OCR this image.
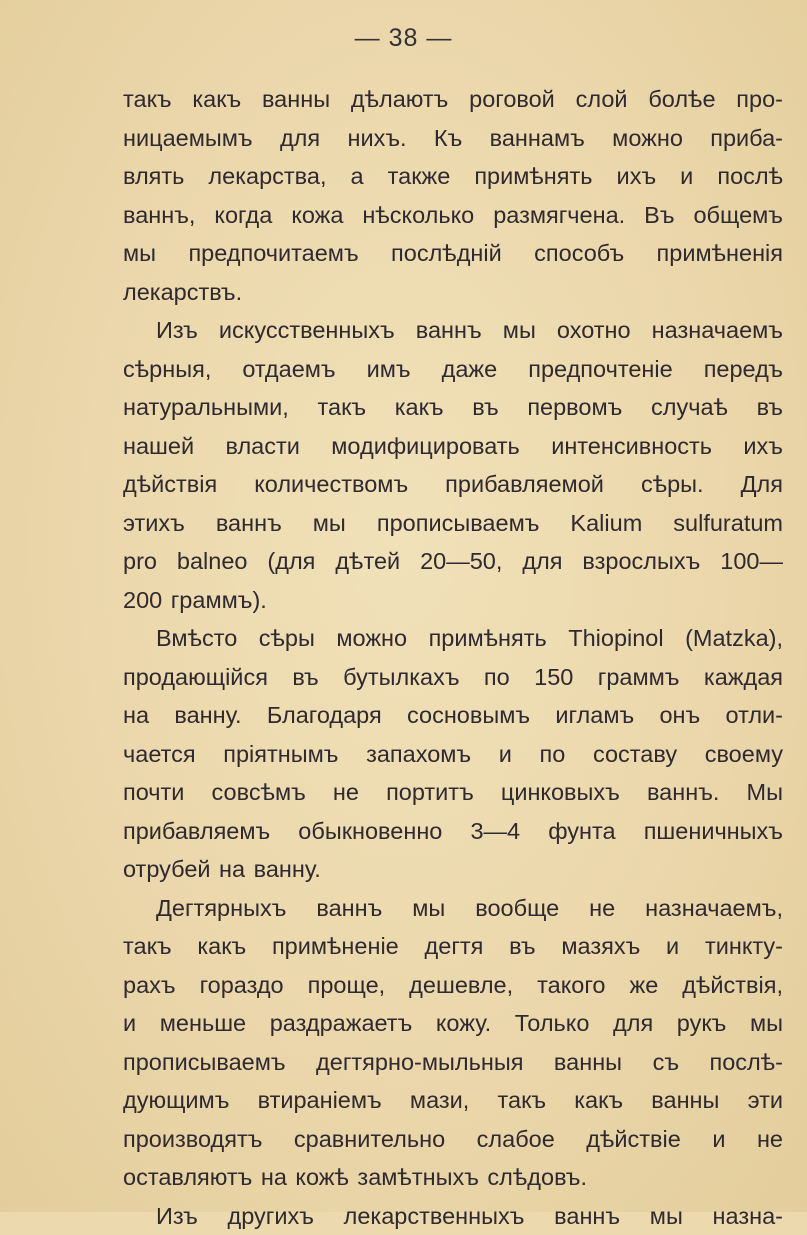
— 38 —
такъ какъ ванны дѣлаютъ роговой слой болѣе про-
ницаемымъ для нихъ. Къ ваннамъ можно приба-
влять лекарства, а также примѣнять ихъ и послѣ
ваннъ, когда кожа нѣсколько размягчена. Въ общемъ
мы предпочитаемъ послѣдній способъ примѣненія
лекарствъ.
Изъ искусственныхъ ваннъ мы охотно назначаемъ
сѣрныя, отдаемъ имъ даже предпочтеніе передъ
натуральными, такъ какъ въ первомъ случаѣ въ
нашей власти модифицировать интенсивность ихъ
дѣйствія количествомъ прибавляемой сѣры. Для
этихъ ваннъ мы прописываемъ Kalium sulfuratum
pro balneo (для дѣтей 20—50, для взрослыхъ 100—
200 граммъ).
Вмѣсто сѣры можно примѣнять Thiopinol (Matzka),
продающійся въ бутылкахъ по 150 граммъ каждая
на ванну. Благодаря сосновымъ игламъ онъ отли-
чается пріятнымъ запахомъ и по составу своему
почти совсѣмъ не портитъ цинковыхъ ваннъ. Мы
прибавляемъ обыкновенно 3—4 фунта пшеничныхъ
отрубей на ванну.
Дегтярныхъ ваннъ мы вообще не назначаемъ,
такъ какъ примѣненіе дегтя въ мазяхъ и тинкту-
рахъ гораздо проще, дешевле, такого же дѣйствія,
и меньше раздражаетъ кожу. Только для рукъ мы
прописываемъ дегтярно-мыльныя ванны съ послѣ-
дующимъ втираніемъ мази, такъ какъ ванны эти
производятъ сравнительно слабое дѣйствіе и не
оставляютъ на кожѣ замѣтныхъ слѣдовъ.
Изъ другихъ лекарственныхъ ваннъ мы назна-
